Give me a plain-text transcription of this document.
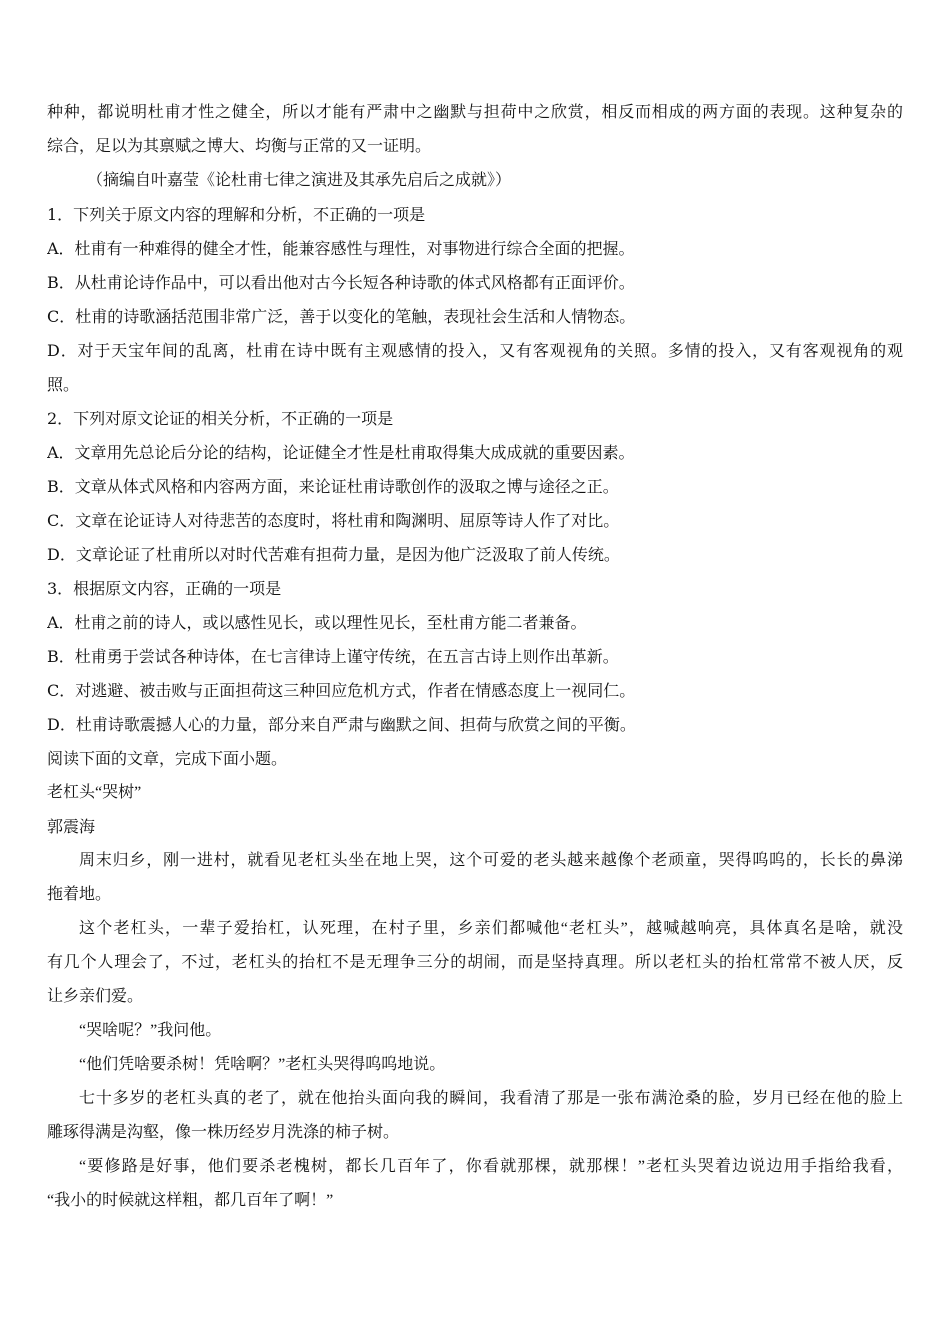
种种，都说明杜甫才性之健全，所以才能有严肃中之幽默与担荷中之欣赏，相反而相成的两方面的表现。这种复杂的
综合，足以为其禀赋之博大、均衡与正常的又一证明。
（摘编自叶嘉莹《论杜甫七律之演进及其承先启后之成就》）
1．下列关于原文内容的理解和分析，不正确的一项是
A．杜甫有一种难得的健全才性，能兼容感性与理性，对事物进行综合全面的把握。
B．从杜甫论诗作品中，可以看出他对古今长短各种诗歌的体式风格都有正面评价。
C．杜甫的诗歌涵括范围非常广泛，善于以变化的笔触，表现社会生活和人情物态。
D．对于天宝年间的乱离，杜甫在诗中既有主观感情的投入，又有客观视角的关照。多情的投入，又有客观视角的观
照。
2．下列对原文论证的相关分析，不正确的一项是
A．文章用先总论后分论的结构，论证健全才性是杜甫取得集大成成就的重要因素。
B．文章从体式风格和内容两方面，来论证杜甫诗歌创作的汲取之博与途径之正。
C．文章在论证诗人对待悲苦的态度时，将杜甫和陶渊明、屈原等诗人作了对比。
D．文章论证了杜甫所以对时代苦难有担荷力量，是因为他广泛汲取了前人传统。
3．根据原文内容，正确的一项是
A．杜甫之前的诗人，或以感性见长，或以理性见长，至杜甫方能二者兼备。
B．杜甫勇于尝试各种诗体，在七言律诗上谨守传统，在五言古诗上则作出革新。
C．对逃避、被击败与正面担荷这三种回应危机方式，作者在情感态度上一视同仁。
D．杜甫诗歌震撼人心的力量，部分来自严肃与幽默之间、担荷与欣赏之间的平衡。
阅读下面的文章，完成下面小题。
老杠头“哭树”
郭震海
周末归乡，刚一进村，就看见老杠头坐在地上哭，这个可爱的老头越来越像个老顽童，哭得呜呜的，长长的鼻涕
拖着地。
这个老杠头，一辈子爱抬杠，认死理，在村子里，乡亲们都喊他“老杠头”，越喊越响亮，具体真名是啥，就没
有几个人理会了，不过，老杠头的抬杠不是无理争三分的胡闹，而是坚持真理。所以老杠头的抬杠常常不被人厌，反
让乡亲们爱。
“哭啥呢？”我问他。
“他们凭啥要杀树！凭啥啊？”老杠头哭得呜呜地说。
七十多岁的老杠头真的老了，就在他抬头面向我的瞬间，我看清了那是一张布满沧桑的脸，岁月已经在他的脸上
雕琢得满是沟壑，像一株历经岁月洗涤的柿子树。
“要修路是好事，他们要杀老槐树，都长几百年了，你看就那棵，就那棵！”老杠头哭着边说边用手指给我看，
“我小的时候就这样粗，都几百年了啊！”
